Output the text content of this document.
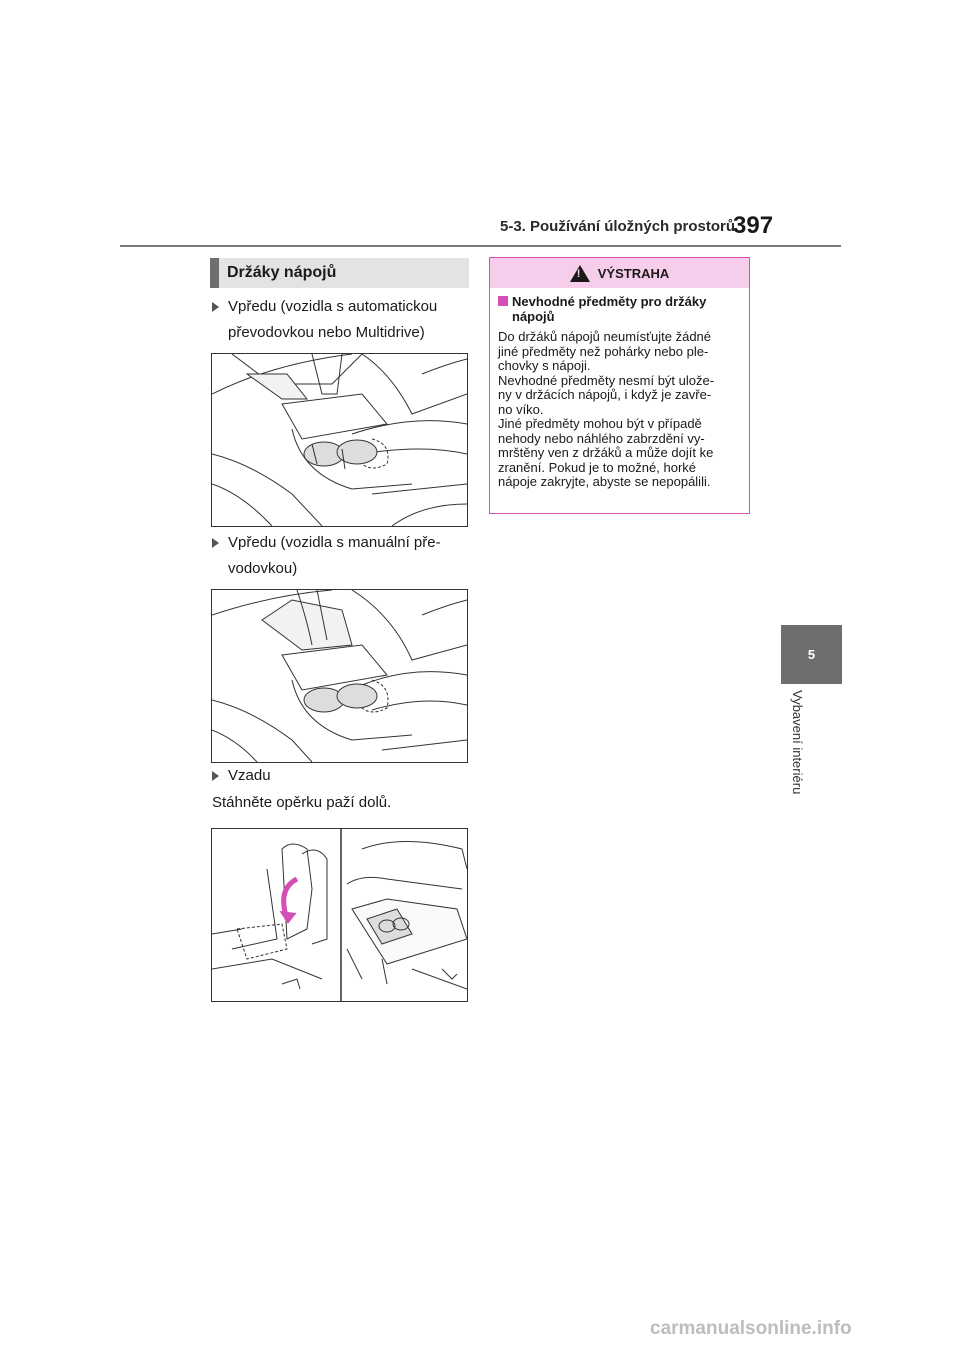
5-3. Používání úložných prostorů
397
5
Vybavení interiéru
Držáky nápojů
Vpředu (vozidla s automatickou
převodovkou nebo Multidrive)
Vpředu (vozidla s manuální pře-
vodovkou)
Vzadu
Stáhněte opěrku paží dolů.
!
VÝSTRAHA
Nevhodné předměty pro držáky nápojů
Do držáků nápojů neumísťujte žádné
jiné předměty než pohárky nebo ple-
chovky s nápoji.
Nevhodné předměty nesmí být ulože-
ny v držácích nápojů, i když je zavře-
no víko.
Jiné předměty mohou být v případě
nehody nebo náhlého zabrzdění vy-
mrštěny ven z držáků a může dojít ke
zranění. Pokud je to možné, horké
nápoje zakryjte, abyste se nepopálili.
carmanualsonline.info
